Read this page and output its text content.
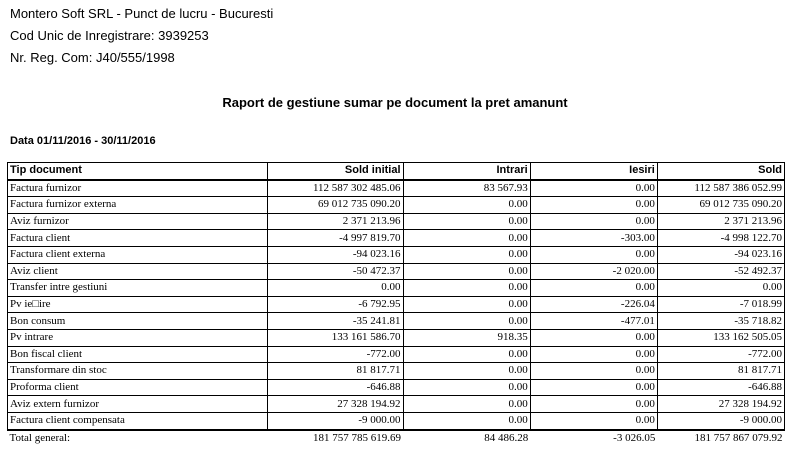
Montero Soft SRL - Punct de lucru - Bucuresti
Cod Unic de Inregistrare: 3939253
Nr. Reg. Com: J40/555/1998
Raport de gestiune sumar pe document la pret amanunt
Data 01/11/2016 - 30/11/2016
Tip document	Sold initial	Intrari	Iesiri	Sold
Factura furnizor	112 587 302 485.06	83 567.93	0.00	112 587 386 052.99
Factura furnizor externa	69 012 735 090.20	0.00	0.00	69 012 735 090.20
Aviz furnizor	2 371 213.96	0.00	0.00	2 371 213.96
Factura client	-4 997 819.70	0.00	-303.00	-4 998 122.70
Factura client externa	-94 023.16	0.00	0.00	-94 023.16
Aviz client	-50 472.37	0.00	-2 020.00	-52 492.37
Transfer intre gestiuni	0.00	0.00	0.00	0.00
Pv ie□ire	-6 792.95	0.00	-226.04	-7 018.99
Bon consum	-35 241.81	0.00	-477.01	-35 718.82
Pv intrare	133 161 586.70	918.35	0.00	133 162 505.05
Bon fiscal client	-772.00	0.00	0.00	-772.00
Transformare din stoc	81 817.71	0.00	0.00	81 817.71
Proforma client	-646.88	0.00	0.00	-646.88
Aviz extern furnizor	27 328 194.92	0.00	0.00	27 328 194.92
Factura client compensata	-9 000.00	0.00	0.00	-9 000.00
Total general:	181 757 785 619.69	84 486.28	-3 026.05	181 757 867 079.92
